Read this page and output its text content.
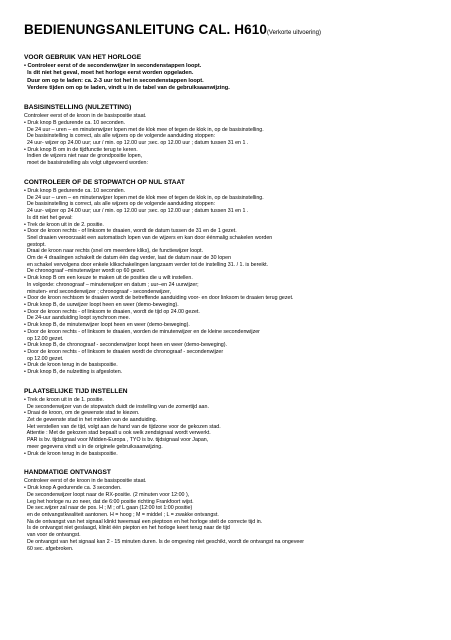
BEDIENUNGSANLEITUNG CAL. H610(Verkorte uitvoering)
VOOR GEBRUIK VAN HET HORLOGE
• Controleer eerst of de secondenwijzer in secondenstappen loopt.
Is dit niet het geval, moet het horloge eerst worden opgeladen.
Duur om op te laden: ca. 2-3 uur tot het in secondenstappen loopt.
Verdere tijden om op te laden, vindt u in de tabel van de gebruiksaanwijzing.
BASISINSTELLING (NULZETTING)
Controleer eerst of de kroon in de basispositie staat.
• Druk knop B gedurende ca. 10 seconden.
De 24 uur – uren – en minutenwijzer lopen met de klok mee of tegen de klok in, op de basisinstelling.
De basisinstelling is correct, als alle wijzers op de volgende aanduiding stoppen:
24 uur- wijzer op 24.00 uur; uur / min. op 12.00 uur ;sec. op 12.00 uur ; datum tussen 31 en 1 .
• Druk knop B om in de tijdfunctie terug te keren.
Indien de wijzers niet naar de grondpositie lopen,
moet de basisinstelling als volgt uitgevoerd worden:
CONTROLEER OF DE STOPWATCH OP NUL STAAT
• Druk knop B gedurende ca. 10 seconden.
De 24 uur – uren – en minutenwijzer lopen met de klok mee of tegen de klok in, op de basisinstelling.
De basisinstelling is correct, als alle wijzers op de volgende aanduiding stoppen:
24 uur- wijzer op 24.00 uur; uur / min. op 12.00 uur ;sec. op 12.00 uur ; datum tussen 31 en 1 .
Is dit niet het geval:
• Trek de kroon uit in de 2. positie.
• Door de kroon rechts - of linksom te draaien, wordt de datum tussen de 31 en de 1 gezet.
Snel draaien veroorzaakt een automatisch lopen van de wijzers en kan door éénmalig schakelen worden
gestopt.
Draai de kroon naar rechts (snel om meerdere kliks), de functiewijzer loopt.
Om de 4 draaiingen schakelt de datum één dag verder, laat de datum naar de 30 lopen
en schakel vervolgens door enkele klikschakelingen langzaam verder tot de instelling 31. / 1. is bereikt.
De chronograaf –minutenwijzer wordt op 60 gezet.
• Druk knop B om een keuze te maken uit de posities die u wilt instellen.
In volgorde: chronograaf – minutenwijzer en datum ; uur–en 24 uurwijzer;
minuten- end secondenwijzer ; chronograaf - secondenwijzer,
• Door de kroon rechtsom te draaien wordt de betreffende aanduiding voor- en door linksom te draaien terug gezet.
• Druk knop B, de uurwijzer loopt heen en weer (demo-beweging).
• Door de kroon rechts - of linksom te draaien, wordt de tijd op 24.00 gezet.
De 24-uur aanduiding loopt synchroon mee.
• Druk knop B, de minutenwijzer loopt heen en weer (demo-beweging).
• Door de kroon rechts - of linksom te draaien, worden de minutenwijzer en de kleine secondenwijzer
op 12.00 gezet.
• Druk knop B, de chronograaf - secondenwijzer loopt heen en weer (demo-beweging).
• Door de kroon rechts - of linksom te draaien wordt de chronograaf - secondenwijzer
op 12.00 gezet.
• Druk de kroon terug in de basispositie.
• Druk knop B, de nulzetting is afgesloten.
PLAATSELIJKE TIJD INSTELLEN
• Trek de kroon uit in de 1. positie.
De secondenwijzer van de stopwatch duidt de instelling van de zomertijd aan.
• Draai de kroon, om de gewenste stad te kiezen.
Zet de gewenste stad in het midden van de aanduiding.
Het verstellen van de tijd, volgt aan de hand van de tijdzone voor de gekozen stad.
Attentie : Met de gekozen stad bepaalt u ook welk zendsignaal wordt verwerkt.
PAR is bv. tijdsignaal voor Midden-Europa , TYO is bv. tijdsignaal voor Japan,
meer gegevens vindt u in de originele gebruiksaanwijzing.
• Druk de kroon terug in de basispositie.
HANDMATIGE ONTVANGST
Controleer eerst of de kroon in de basispositie staat.
• Druk knop A gedurende ca. 3 seconden.
De secondenwijzer loopt naar de RX-positie. (2 minuten voor 12:00 ),
Leg het horloge nu zo neer, dat de 6:00 positie richting Frankfoort wijst.
De sec.wijzer zal naar de pos. H ; M ; of L gaan (12:00 tot 1:00 positie)
en de ontvangstkwaliteit aantonen. H = hoog ; M = middel ; L = zwakke ontvangst.
Na de ontvangst van het signaal klinkt tweemaal een pieptoon en het horloge stelt de correcte tijd in.
Is de ontvangst niet geslaagd, klinkt één piepton en het horloge keert terug naar de tijd
van voor de ontvangst.
De ontvangst van het signaal kan 2 - 15 minuten duren. Is de omgeving niet geschikt, wordt de ontvangst na ongeveer
60 sec. afgebroken.
